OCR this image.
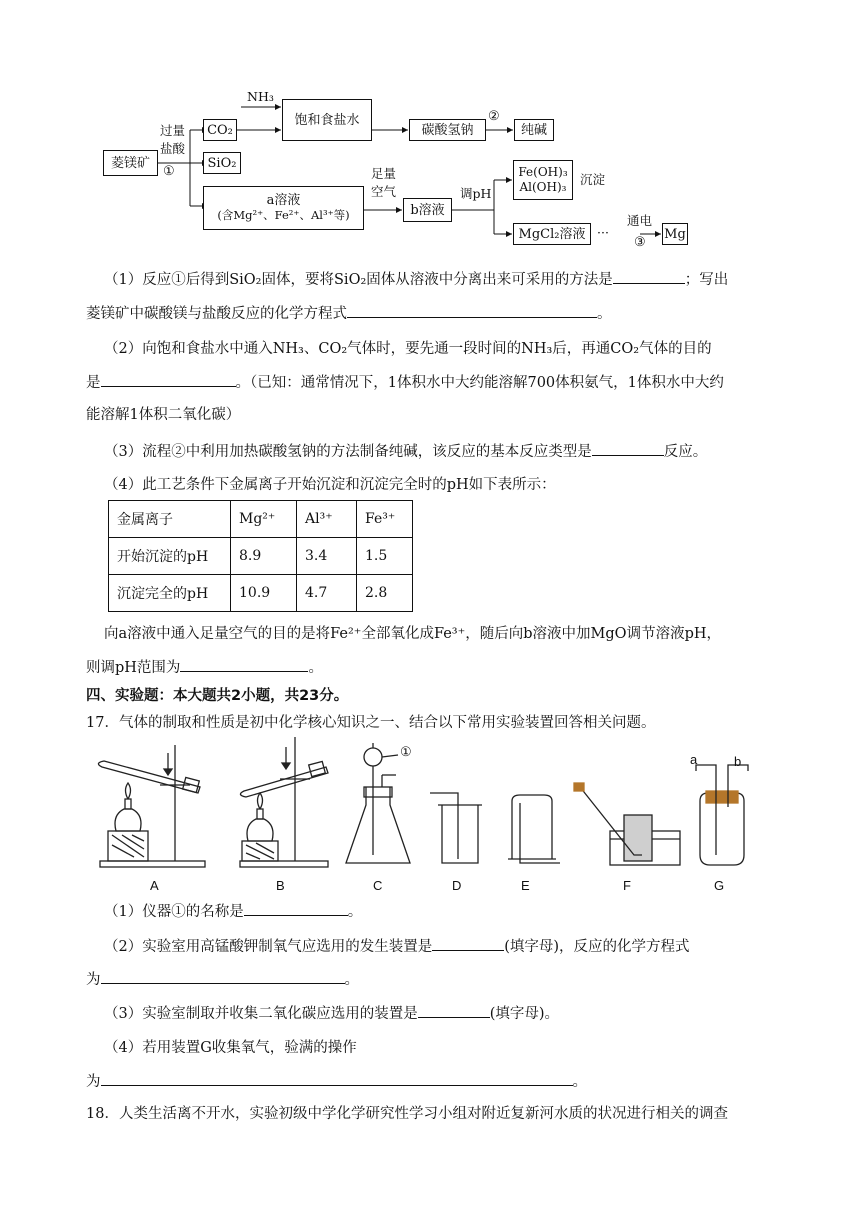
菱镁矿
过量
盐酸
①
CO₂
NH₃
饱和食盐水
碳酸氢钠
②
纯碱
SiO₂
a溶液
(含Mg²⁺、Fe²⁺、Al³⁺等)
足量
空气
b溶液
调pH
Fe(OH)₃
Al(OH)₃ 沉淀
MgCl₂溶液 ···
通电
③
Mg
（1）反应①后得到SiO₂固体，要将SiO₂固体从溶液中分离出来可采用的方法是	；写出
菱镁矿中碳酸镁与盐酸反应的化学方程式	。
（2）向饱和食盐水中通入NH₃、CO₂气体时，要先通一段时间的NH₃后，再通CO₂气体的目的
是	。（已知：通常情况下，1体积水中大约能溶解700体积氨气，1体积水中大约
能溶解1体积二氧化碳）
（3）流程②中利用加热碳酸氢钠的方法制备纯碱，该反应的基本反应类型是	反应。
（4）此工艺条件下金属离子开始沉淀和沉淀完全时的pH如下表所示：
金属离子	Mg²⁺	Al³⁺	Fe³⁺
开始沉淀的pH	8.9	3.4	1.5
沉淀完全的pH	10.9	4.7	2.8
向a溶液中通入足量空气的目的是将Fe²⁺全部氧化成Fe³⁺，随后向b溶液中加MgO调节溶液pH，
则调pH范围为	。
四、实验题：本大题共2小题，共23分。
17．气体的制取和性质是初中化学核心知识之一、结合以下常用实验装置回答相关问题。
①
a	b
A	B	C	D	E	F	G
（1）仪器①的名称是	。
（2）实验室用高锰酸钾制氧气应选用的发生装置是	(填字母)，反应的化学方程式
为	。
（3）实验室制取并收集二氧化碳应选用的装置是	(填字母)。
（4）若用装置G收集氧气，验满的操作
为	。
18．人类生活离不开水，实验初级中学化学研究性学习小组对附近复新河水质的状况进行相关的调查
